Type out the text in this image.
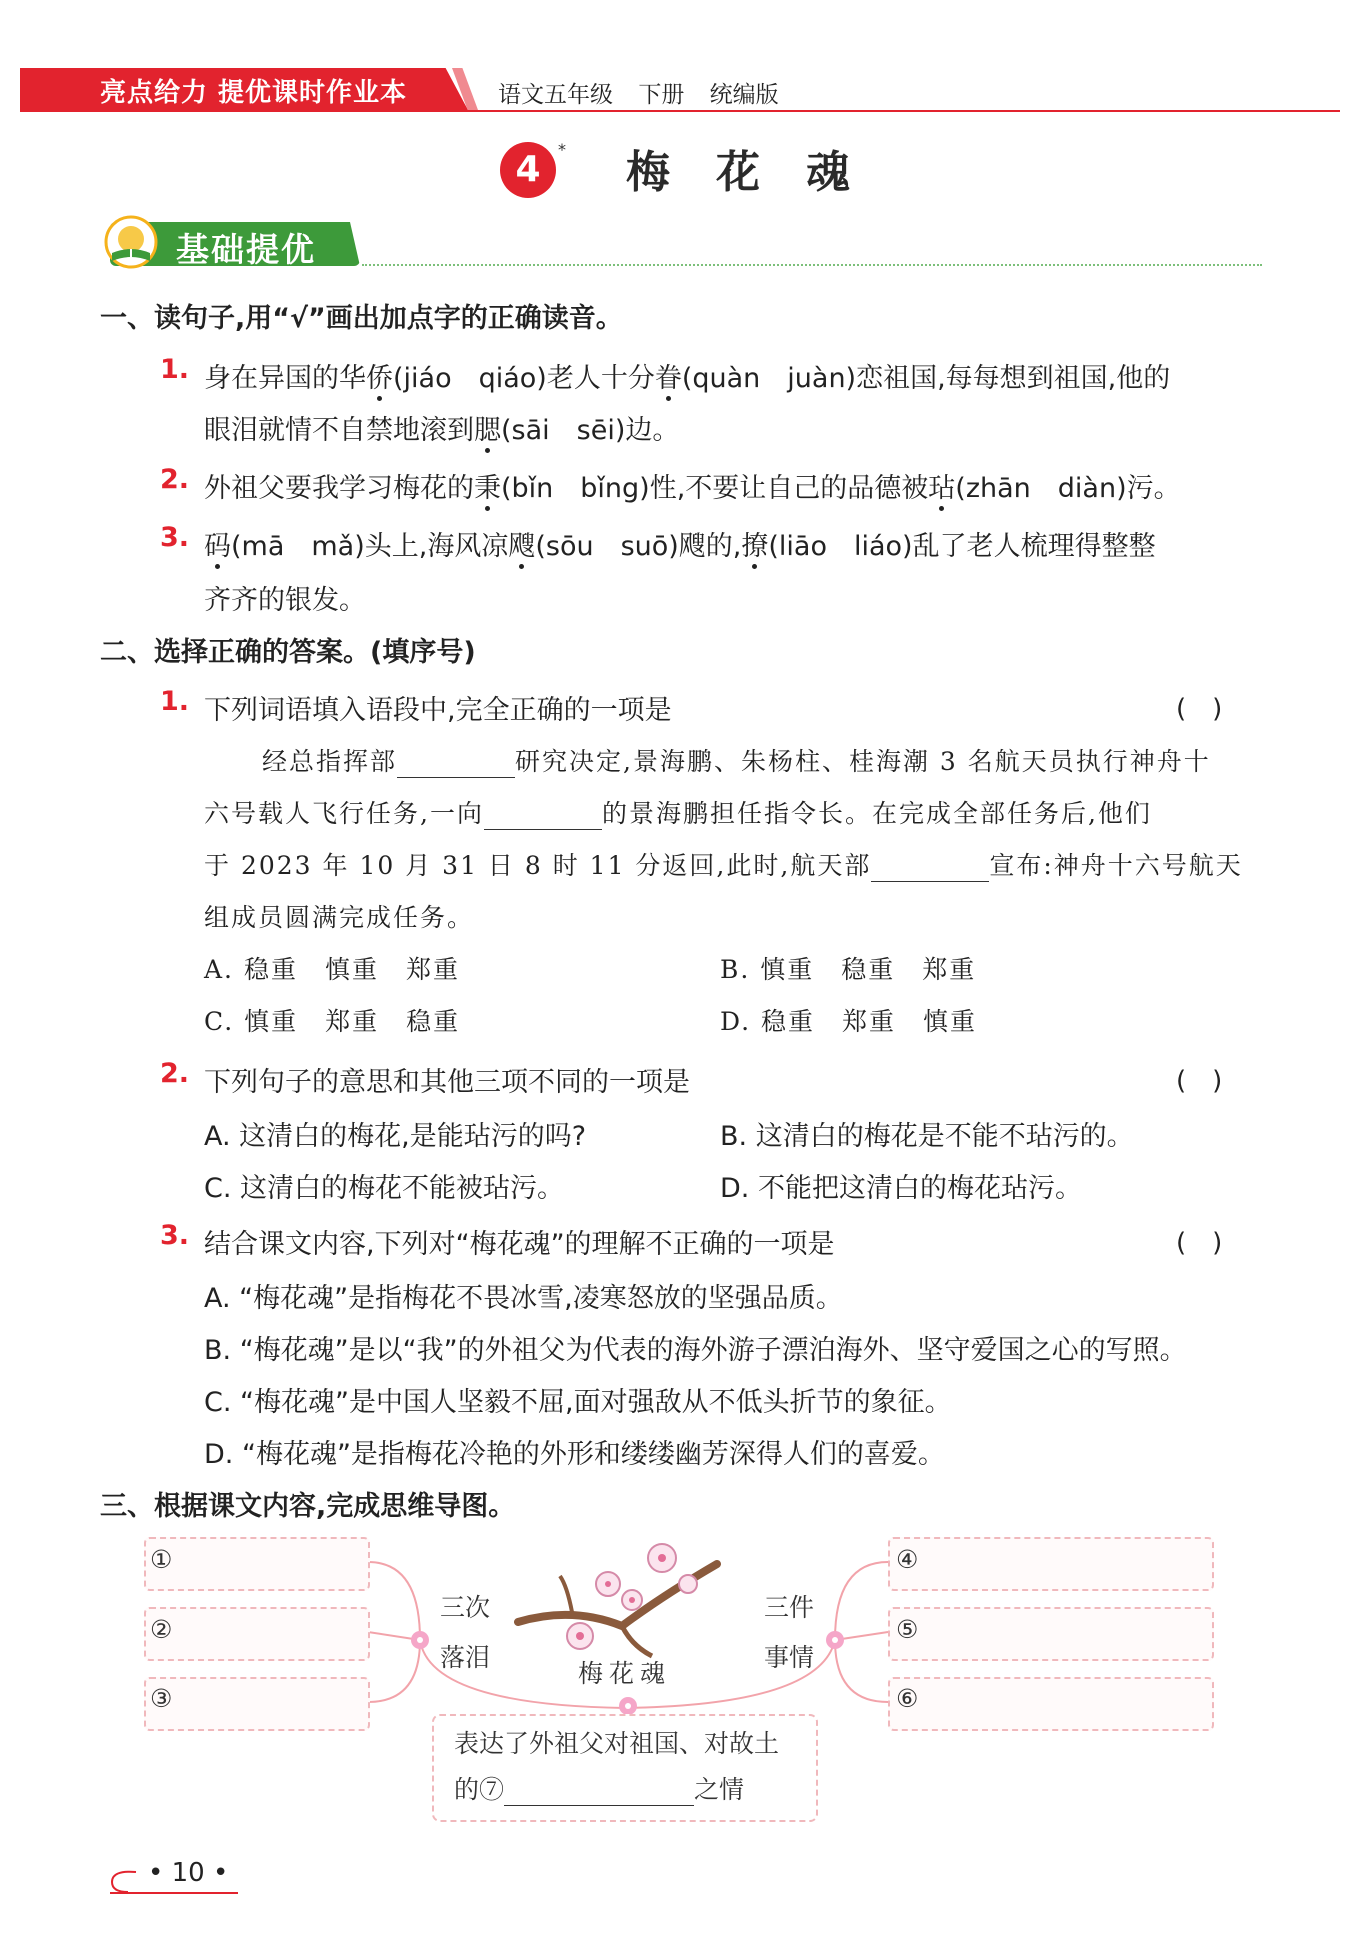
亮点给力 提优课时作业本	语文五年级 下册 统编版
4	* 梅花魂
基础提优
一、读句子,用“√”画出加点字的正确读音。
1. 身在异国的华侨(jiáo　qiáo)老人十分眷(quàn　juàn)恋祖国,每每想到祖国,他的
眼泪就情不自禁地滚到腮(sāi　sēi)边。
2. 外祖父要我学习梅花的秉(bǐn　bǐng)性,不要让自己的品德被玷(zhān　diàn)污。
3. 码(mā　mǎ)头上,海风凉飕(sōu　suō)飕的,撩(liāo　liáo)乱了老人梳理得整整
齐齐的银发。
二、选择正确的答案。(填序号)
1. 下列词语填入语段中,完全正确的一项是	(　)
经总指挥部	研究决定,景海鹏、朱杨柱、桂海潮 3 名航天员执行神舟十
六号载人飞行任务,一向	的景海鹏担任指令长。在完成全部任务后,他们
于 2023 年 10 月 31 日 8 时 11 分返回,此时,航天部	宣布:神舟十六号航天
组成员圆满完成任务。
A. 稳重　慎重　郑重	B. 慎重　稳重　郑重
C. 慎重　郑重　稳重	D. 稳重　郑重　慎重
2. 下列句子的意思和其他三项不同的一项是	(　)
A. 这清白的梅花,是能玷污的吗?	B. 这清白的梅花是不能不玷污的。
C. 这清白的梅花不能被玷污。	D. 不能把这清白的梅花玷污。
3. 结合课文内容,下列对“梅花魂”的理解不正确的一项是	(　)
A. “梅花魂”是指梅花不畏冰雪,凌寒怒放的坚强品质。
B. “梅花魂”是以“我”的外祖父为代表的海外游子漂泊海外、坚守爱国之心的写照。
C. “梅花魂”是中国人坚毅不屈,面对强敌从不低头折节的象征。
D. “梅花魂”是指梅花冷艳的外形和缕缕幽芳深得人们的喜爱。
三、根据课文内容,完成思维导图。
梅花魂
三次
落泪
三件
事情
①
②
③
④
⑤
⑥
表达了外祖父对祖国、对故土
的⑦	之情
• 10 •
